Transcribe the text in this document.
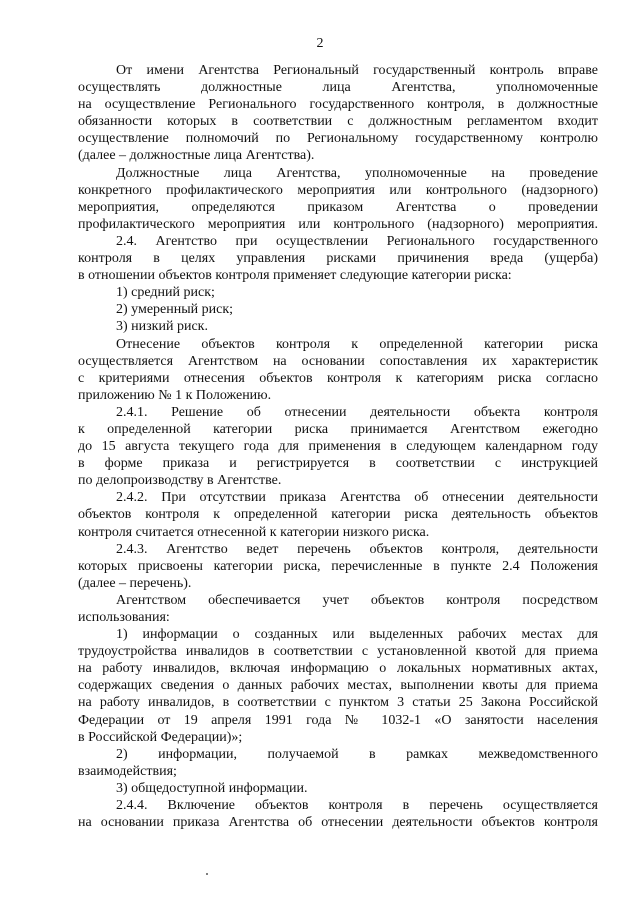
2
От имени Агентства Региональный государственный контроль вправе
осуществлять должностные лица Агентства, уполномоченные
на осуществление Регионального государственного контроля, в должностные
обязанности которых в соответствии с должностным регламентом входит
осуществление полномочий по Региональному государственному контролю
(далее – должностные лица Агентства).
Должностные лица Агентства, уполномоченные на проведение
конкретного профилактического мероприятия или контрольного (надзорного)
мероприятия, определяются приказом Агентства о проведении
профилактического мероприятия или контрольного (надзорного) мероприятия.
2.4. Агентство при осуществлении Регионального государственного
контроля в целях управления рисками причинения вреда (ущерба)
в отношении объектов контроля применяет следующие категории риска:
1) средний риск;
2) умеренный риск;
3) низкий риск.
Отнесение объектов контроля к определенной категории риска
осуществляется Агентством на основании сопоставления их характеристик
с критериями отнесения объектов контроля к категориям риска согласно
приложению № 1 к Положению.
2.4.1. Решение об отнесении деятельности объекта контроля
к определенной категории риска принимается Агентством ежегодно
до 15 августа текущего года для применения в следующем календарном году
в форме приказа и регистрируется в соответствии с инструкцией
по делопроизводству в Агентстве.
2.4.2. При отсутствии приказа Агентства об отнесении деятельности
объектов контроля к определенной категории риска деятельность объектов
контроля считается отнесенной к категории низкого риска.
2.4.3. Агентство ведет перечень объектов контроля, деятельности
которых присвоены категории риска, перечисленные в пункте 2.4 Положения
(далее – перечень).
Агентством обеспечивается учет объектов контроля посредством
использования:
1) информации о созданных или выделенных рабочих местах для
трудоустройства инвалидов в соответствии с установленной квотой для приема
на работу инвалидов, включая информацию о локальных нормативных актах,
содержащих сведения о данных рабочих местах, выполнении квоты для приема
на работу инвалидов, в соответствии с пунктом 3 статьи 25 Закона Российской
Федерации от 19 апреля 1991 года № 1032-1 «О занятости населения
в Российской Федерации)»;
2) информации, получаемой в рамках межведомственного
взаимодействия;
3) общедоступной информации.
2.4.4. Включение объектов контроля в перечень осуществляется
на основании приказа Агентства об отнесении деятельности объектов контроля
